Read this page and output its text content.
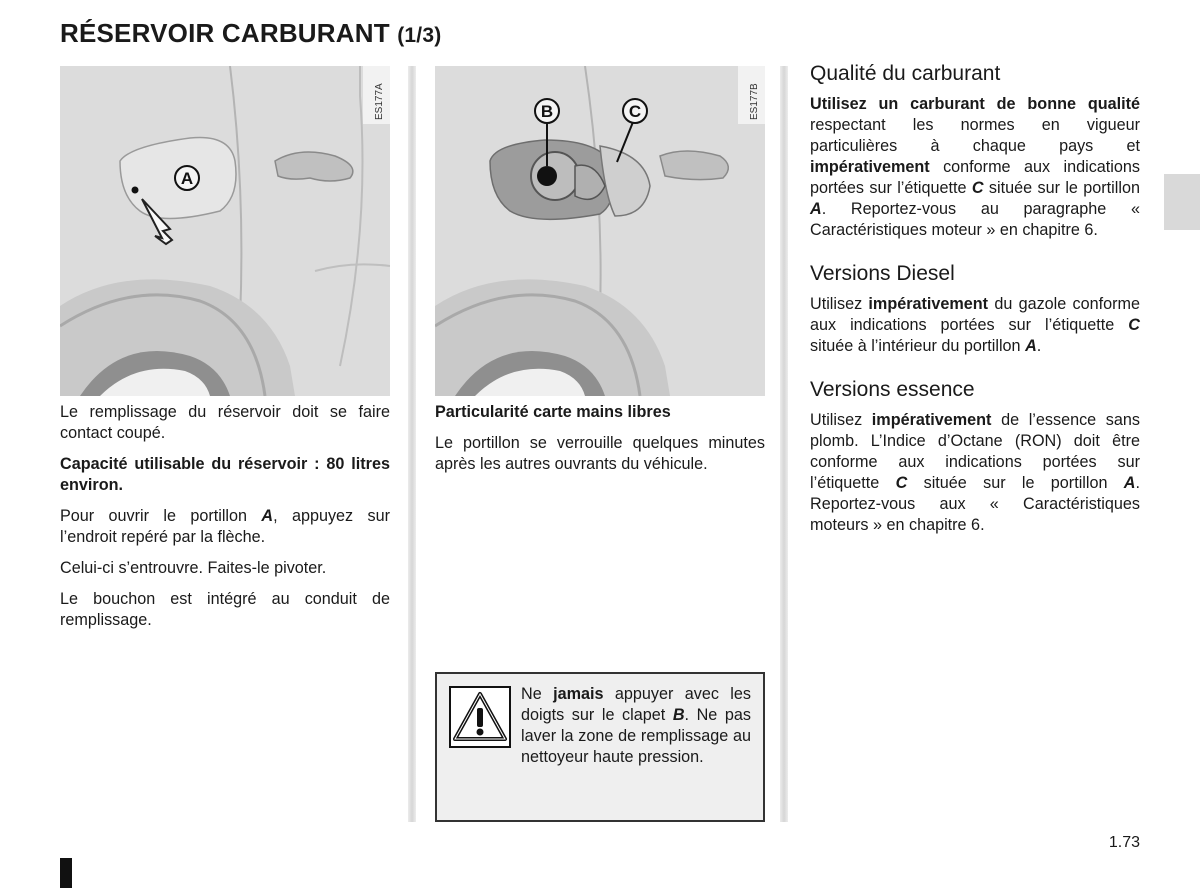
RÉSERVOIR CARBURANT (1/3)
A
ES177A	B	C	ES177B

Le remplissage du réservoir doit se faire contact coupé.

Capacité utilisable du réservoir : 80 litres environ.

Pour ouvrir le portillon A, appuyez sur l’endroit repéré par la flèche.

Celui-ci s’entrouvre. Faites-le pivoter.

Le bouchon est intégré au conduit de remplissage.

Particularité carte mains libres

Le portillon se verrouille quelques minutes après les autres ouvrants du véhicule.

Ne jamais appuyer avec les doigts sur le clapet B. Ne pas laver la zone de remplissage au nettoyeur haute pression.
Qualité du carburant

Utilisez un carburant de bonne qualité respectant les normes en vigueur particulières à chaque pays et impérativement conforme aux indications portées sur l’étiquette C située sur le portillon A. Reportez-vous au paragraphe « Caractéristiques moteur » en chapitre 6.

Versions Diesel

Utilisez impérativement du gazole conforme aux indications portées sur l’étiquette C située à l’intérieur du portillon A.

Versions essence

Utilisez impérativement de l’essence sans plomb. L’Indice d’Octane (RON) doit être conforme aux indications portées sur l’étiquette C située sur le portillon A. Reportez-vous aux « Caractéristiques moteurs » en chapitre 6.

1.73
